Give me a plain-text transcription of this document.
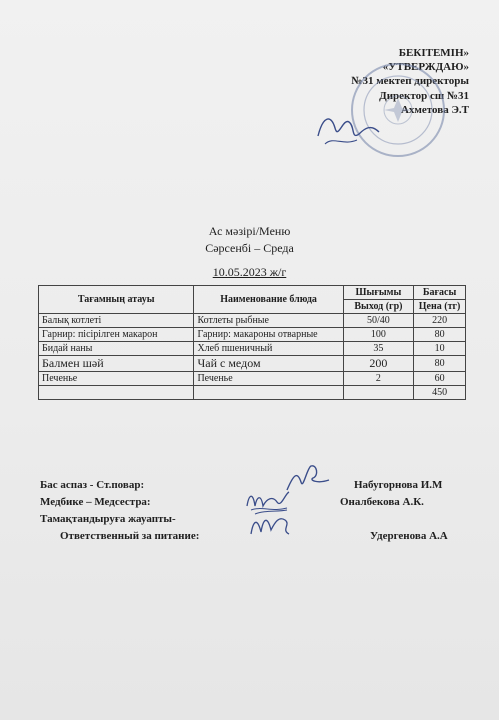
БЕКІТЕМІН»
«УТВЕРЖДАЮ»
№31 мектеп директоры
Директор сш №31
Ахметова Э.Т
Ас мәзірі/Меню
Сәрсенбі – Среда
10.05.2023 ж/г
Тағамның атауы	Наименование блюда	Шығымы	Бағасы
		Выход (гр)	Цена (тг)
Балық котлеті	Котлеты рыбные	50/40	220
Гарнир: пісірілген макарон	Гарнир: макароны отварные	100	80
Бидай наны	Хлеб пшеничный	35	10
Балмен шәй	Чай с медом	200	80
Печенье	Печенье	2	60
			450
Бас аспаз - Ст.повар:	Набугорнова И.М
Медбике – Медсестра:	Оналбекова А.К.
Тамақтандыруға жауапты-
Ответственный за питание:	Удергенова А.А
